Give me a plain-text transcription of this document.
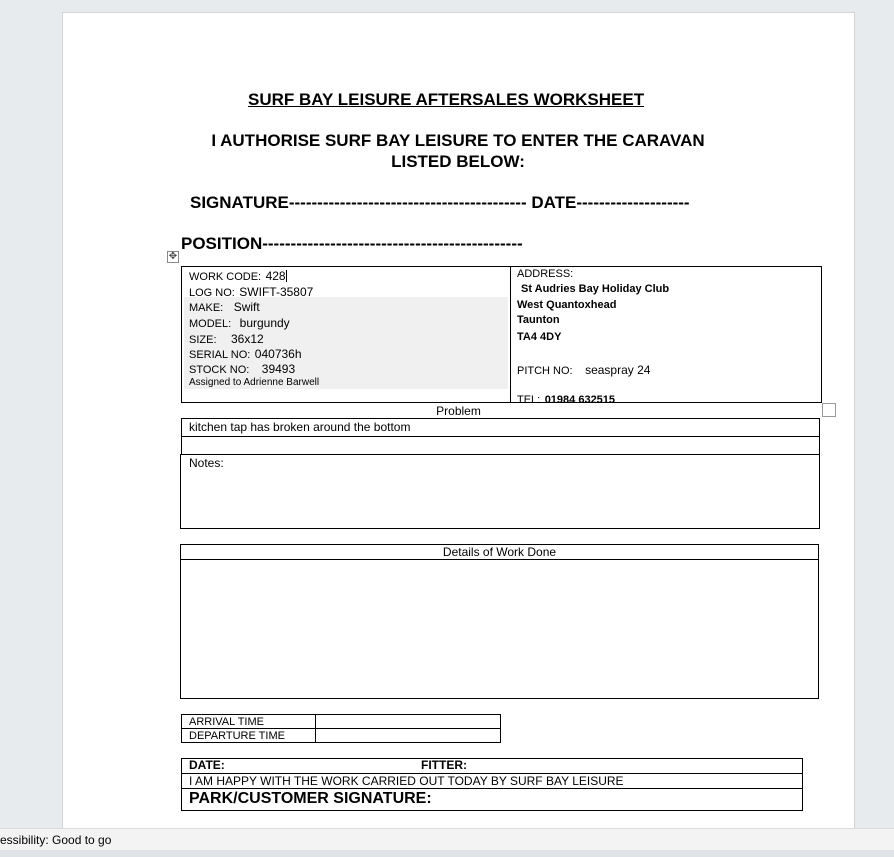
SURF BAY LEISURE AFTERSALES WORKSHEET
I AUTHORISE SURF BAY LEISURE TO ENTER THE CARAVAN
LISTED BELOW:
SIGNATURE------------------------------------------ DATE--------------------
POSITION----------------------------------------------
✥
WORK CODE: 428
LOG NO: SWIFT-35807
MAKE: Swift
MODEL: burgundy
SIZE: 36x12
SERIAL NO: 040736h
STOCK NO: 39493
Assigned to Adrienne Barwell
ADDRESS:
St Audries Bay Holiday Club
West Quantoxhead
Taunton
TA4 4DY
PITCH NO: seaspray 24
TEL: 01984 632515
Problem
kitchen tap has broken around the bottom
Notes:
Details of Work Done
ARRIVAL TIME
DEPARTURE TIME
DATE:	FITTER:
I AM HAPPY WITH THE WORK CARRIED OUT TODAY BY SURF BAY LEISURE
PARK/CUSTOMER SIGNATURE:
essibility: Good to go
